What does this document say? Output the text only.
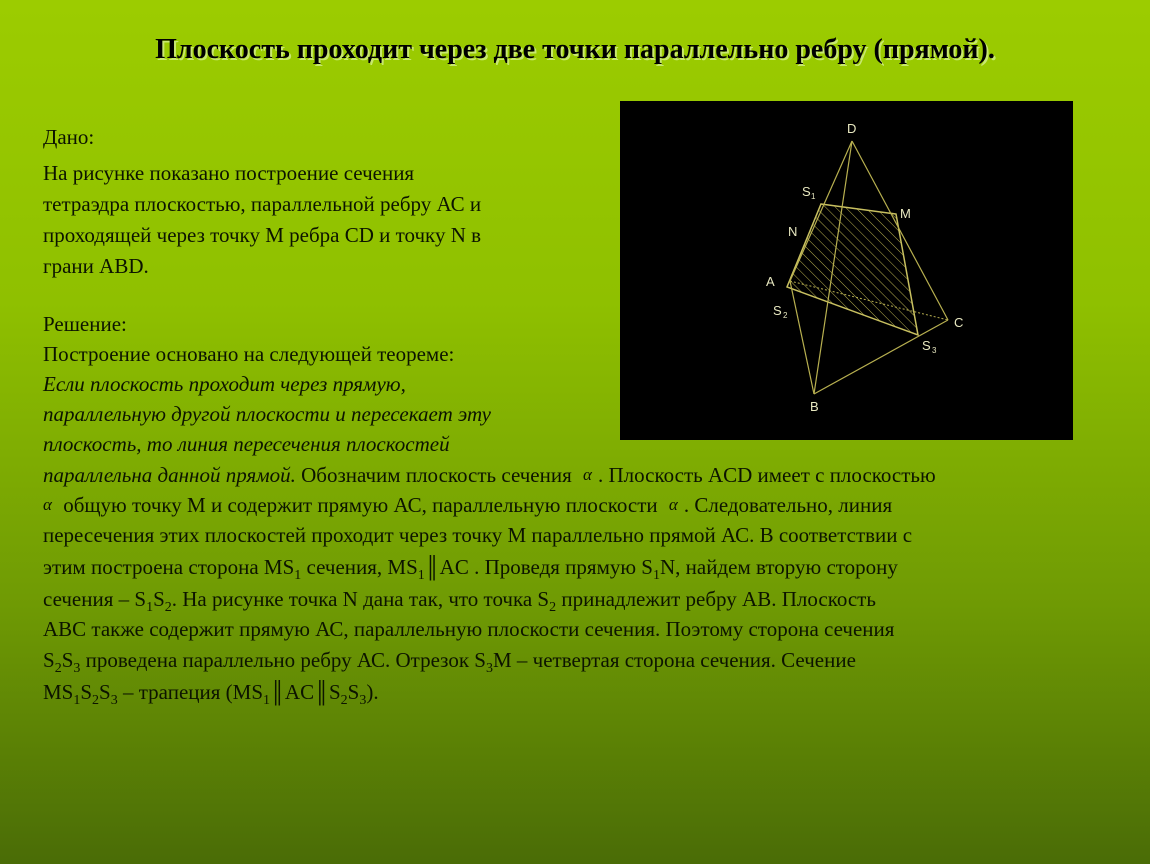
Плоскость проходит через две точки параллельно ребру (прямой).
Дано:
На рисунке показано построение сечения
тетраэдра плоскостью, параллельной ребру АС и
проходящей через точку М ребра CD и точку N в
грани ABD.
Решение:
Построение основано на следующей теореме:
Если плоскость проходит через прямую,
параллельную другой плоскости и пересекает эту
плоскость, то линия пересечения плоскостей
параллельна данной прямой. Обозначим плоскость сечения α . Плоскость ACD имеет с плоскостью
α общую точку М и содержит прямую АС, параллельную плоскости α . Следовательно, линия
пересечения этих плоскостей проходит через точку М параллельно прямой АС. В соответствии с
этим построена сторона $MS_1$ сечения, $MS_1║AC$ . Проведя прямую $S_1N$, найдем вторую сторону
сечения – $S_1S_2$. На рисунке точка N дана так, что точка $S_2$ принадлежит ребру АВ. Плоскость
ABC также содержит прямую АС, параллельную плоскости сечения. Поэтому сторона сечения
$S_2S_3$ проведена параллельно ребру АС. Отрезок $S_3M$ – четвертая сторона сечения. Сечение
$MS_1S_2S_3$ – трапеция $(MS_1║AC║S_2S_3)$.
D
S 1
M
N
A
S 2	C
S 3
B
